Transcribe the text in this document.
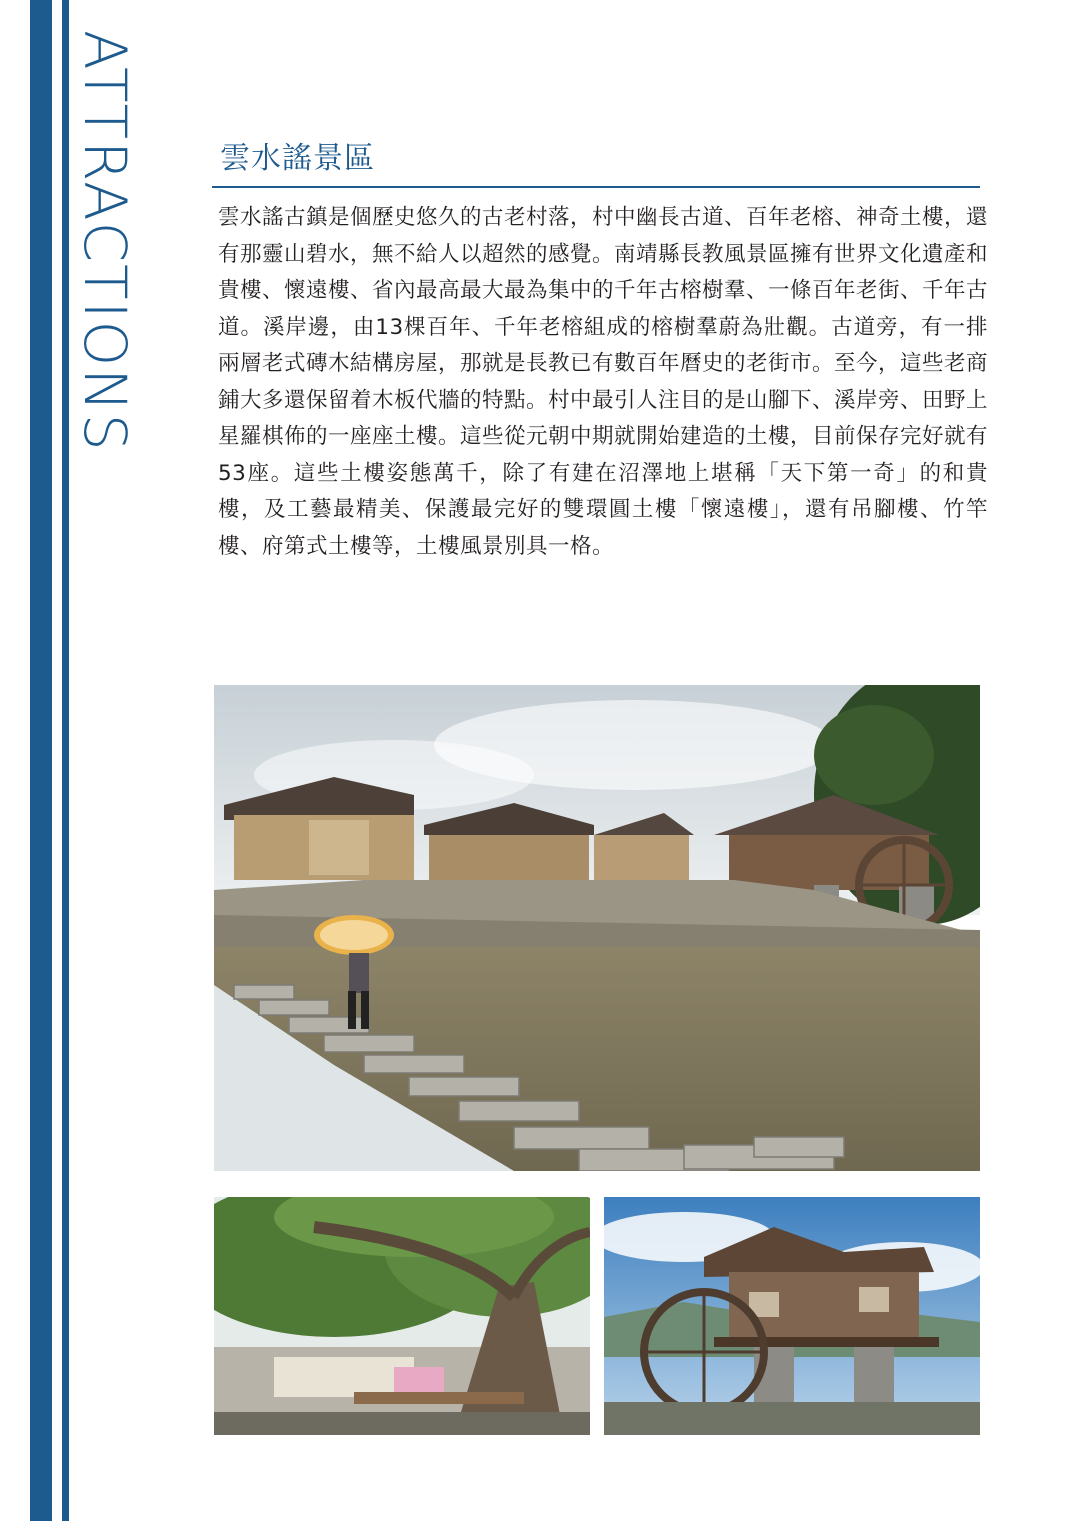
ATTRACTIONS	雲水謠景區

雲水謠古鎮是個歷史悠久的古老村落，村中幽長古道、百年老榕、神奇土樓，還有那靈山碧水，無不給人以超然的感覺。南靖縣長教風景區擁有世界文化遺產和貴樓、懷遠樓、省內最高最大最為集中的千年古榕樹羣、一條百年老街、千年古道。溪岸邊，由13棵百年、千年老榕組成的榕樹羣蔚為壯觀。古道旁，有一排兩層老式磚木結構房屋，那就是長教已有數百年曆史的老街市。至今，這些老商鋪大多還保留着木板代牆的特點。村中最引人注目的是山腳下、溪岸旁、田野上星羅棋佈的一座座土樓。這些從元朝中期就開始建造的土樓，目前保存完好就有53座。這些土樓姿態萬千，除了有建在沼澤地上堪稱「天下第一奇」的和貴樓，及工藝最精美、保護最完好的雙環圓土樓「懷遠樓」，還有吊腳樓、竹竿樓、府第式土樓等，土樓風景別具一格。
